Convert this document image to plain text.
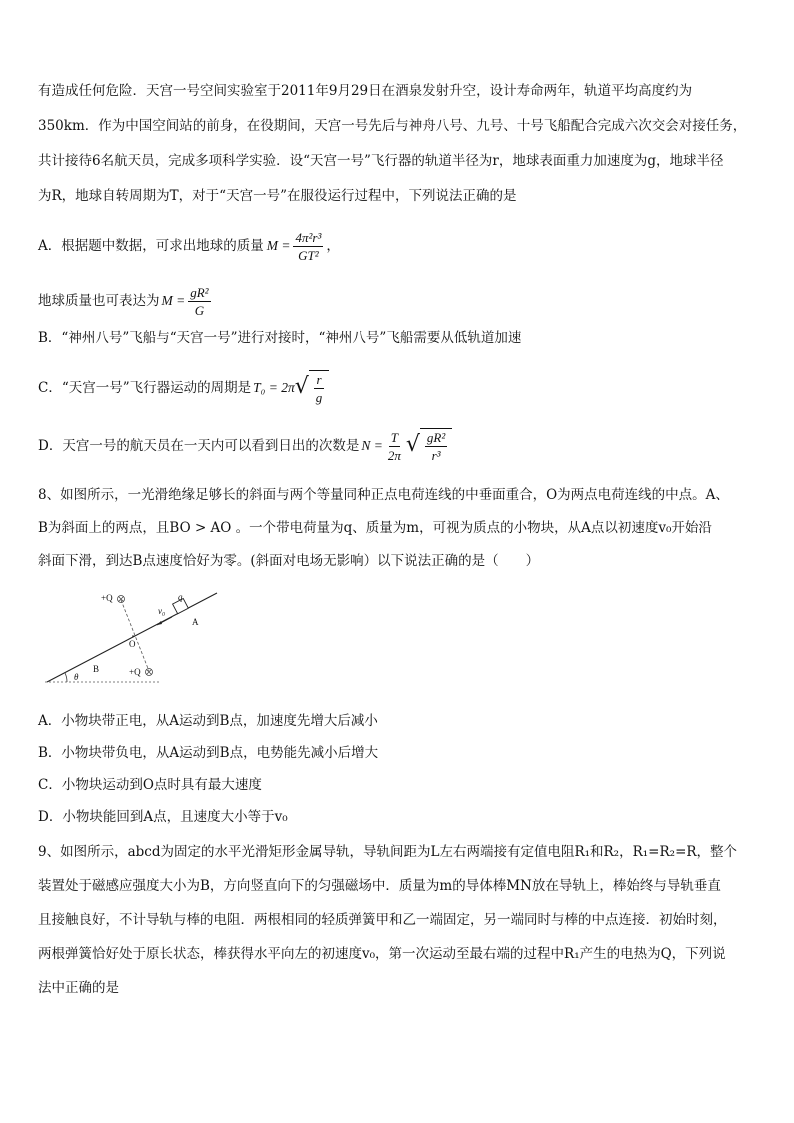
有造成任何危险．天宫一号空间实验室于2011年9月29日在酒泉发射升空，设计寿命两年，轨道平均高度约为
350km．作为中国空间站的前身，在役期间，天宫一号先后与神舟八号、九号、十号飞船配合完成六次交会对接任务，
共计接待6名航天员，完成多项科学实验．设“天宫一号”飞行器的轨道半径为r，地球表面重力加速度为g，地球半径
为R，地球自转周期为T，对于“天宫一号”在服役运行过程中，下列说法正确的是
A．根据题中数据，可求出地球的质量 $M = \frac{\text{4π²r³}}{\text{GT²}}$ ，
地球质量也可表达为 $M = \frac{\text{gR²}}{G}$
B．“神州八号”飞船与“天宫一号”进行对接时，“神州八号”飞船需要从低轨道加速
C．“天宫一号”飞行器运动的周期是 T₀ = 2π √ $\frac{r}{g}$
D．天宫一号的航天员在一天内可以看到日出的次数是 $N = \frac{T}{2\pi}$ √ $\frac{\text{gR²}}{\text{r³}}$
8、如图所示，一光滑绝缘足够长的斜面与两个等量同种正点电荷连线的中垂面重合，O为两点电荷连线的中点。A、
B为斜面上的两点，且BO > AO 。一个带电荷量为q、质量为m，可视为质点的小物块，从A点以初速度v₀开始沿
斜面下滑，到达B点速度恰好为零。(斜面对电场无影响）以下说法正确的是（　　）
+Q
+Q
v₀
q
A
O
B
θ
A．小物块带正电，从A运动到B点，加速度先增大后减小
B．小物块带负电，从A运动到B点，电势能先减小后增大
C．小物块运动到O点时具有最大速度
D．小物块能回到A点，且速度大小等于v₀
9、如图所示，abcd为固定的水平光滑矩形金属导轨，导轨间距为L左右两端接有定值电阻R₁和R₂，R₁=R₂=R，整个
装置处于磁感应强度大小为B，方向竖直向下的匀强磁场中．质量为m的导体棒MN放在导轨上，棒始终与导轨垂直
且接触良好，不计导轨与棒的电阻．两根相同的轻质弹簧甲和乙一端固定，另一端同时与棒的中点连接．初始时刻，
两根弹簧恰好处于原长状态，棒获得水平向左的初速度v₀，第一次运动至最右端的过程中R₁产生的电热为Q，下列说
法中正确的是
